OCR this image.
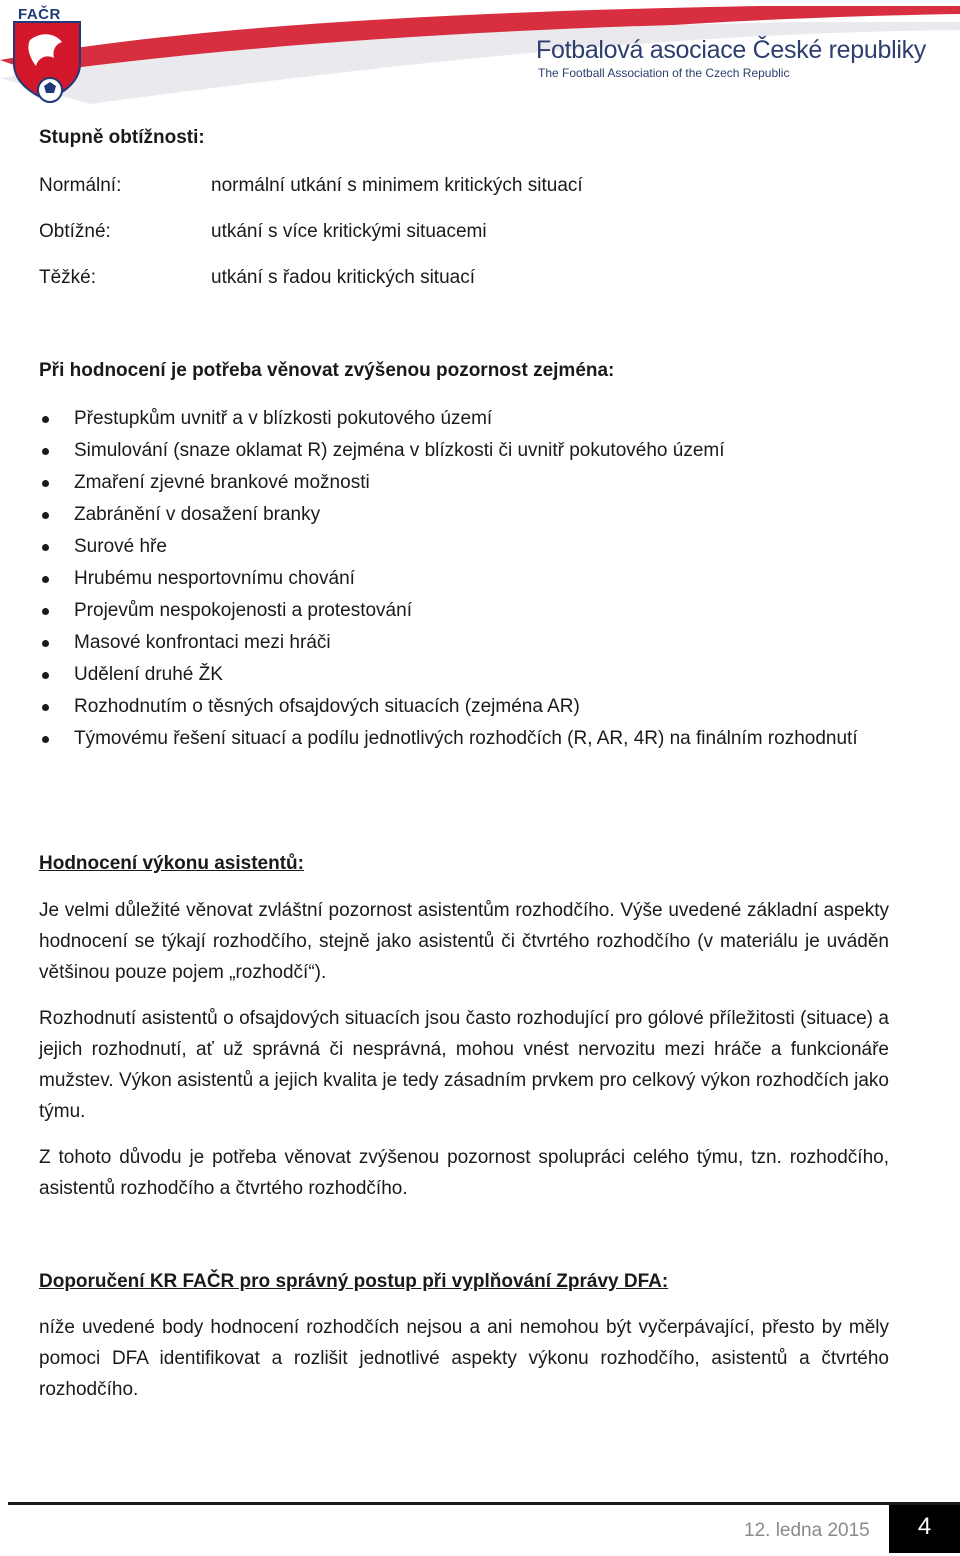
FAČR
Fotbalová asociace České republiky
The Football Association of the Czech Republic
Stupně obtížnosti:
Normální:	normální utkání s minimem kritických situací
Obtížné:	utkání s více kritickými situacemi
Těžké:	utkání s řadou kritických situací
Při hodnocení je potřeba věnovat zvýšenou pozornost zejména:
Přestupkům uvnitř a v blízkosti pokutového území
Simulování (snaze oklamat R) zejména v blízkosti či uvnitř pokutového území
Zmaření zjevné brankové možnosti
Zabránění v dosažení branky
Surové hře
Hrubému nesportovnímu chování
Projevům nespokojenosti a protestování
Masové konfrontaci mezi hráči
Udělení druhé ŽK
Rozhodnutím o těsných ofsajdových situacích (zejména AR)
Týmovému řešení situací a podílu jednotlivých rozhodčích (R, AR, 4R) na finálním rozhodnutí
Hodnocení výkonu asistentů:
Je velmi důležité věnovat zvláštní pozornost asistentům rozhodčího. Výše uvedené základní aspekty hodnocení se týkají rozhodčího, stejně jako asistentů či čtvrtého rozhodčího (v materiálu je uváděn většinou pouze pojem „rozhodčí“).
Rozhodnutí asistentů o ofsajdových situacích jsou často rozhodující pro gólové příležitosti (situace) a jejich rozhodnutí, ať už správná či nesprávná, mohou vnést nervozitu mezi hráče a funkcionáře mužstev. Výkon asistentů a jejich kvalita je tedy zásadním prvkem pro celkový výkon rozhodčích jako týmu.
Z tohoto důvodu je potřeba věnovat zvýšenou pozornost spolupráci celého týmu, tzn. rozhodčího, asistentů rozhodčího a čtvrtého rozhodčího.
Doporučení KR FAČR pro správný postup při vyplňování Zprávy DFA:
níže uvedené body hodnocení rozhodčích nejsou a ani nemohou být vyčerpávající, přesto by měly pomoci DFA identifikovat a rozlišit jednotlivé aspekty výkonu rozhodčího, asistentů a čtvrtého rozhodčího.
12. ledna 2015	4
